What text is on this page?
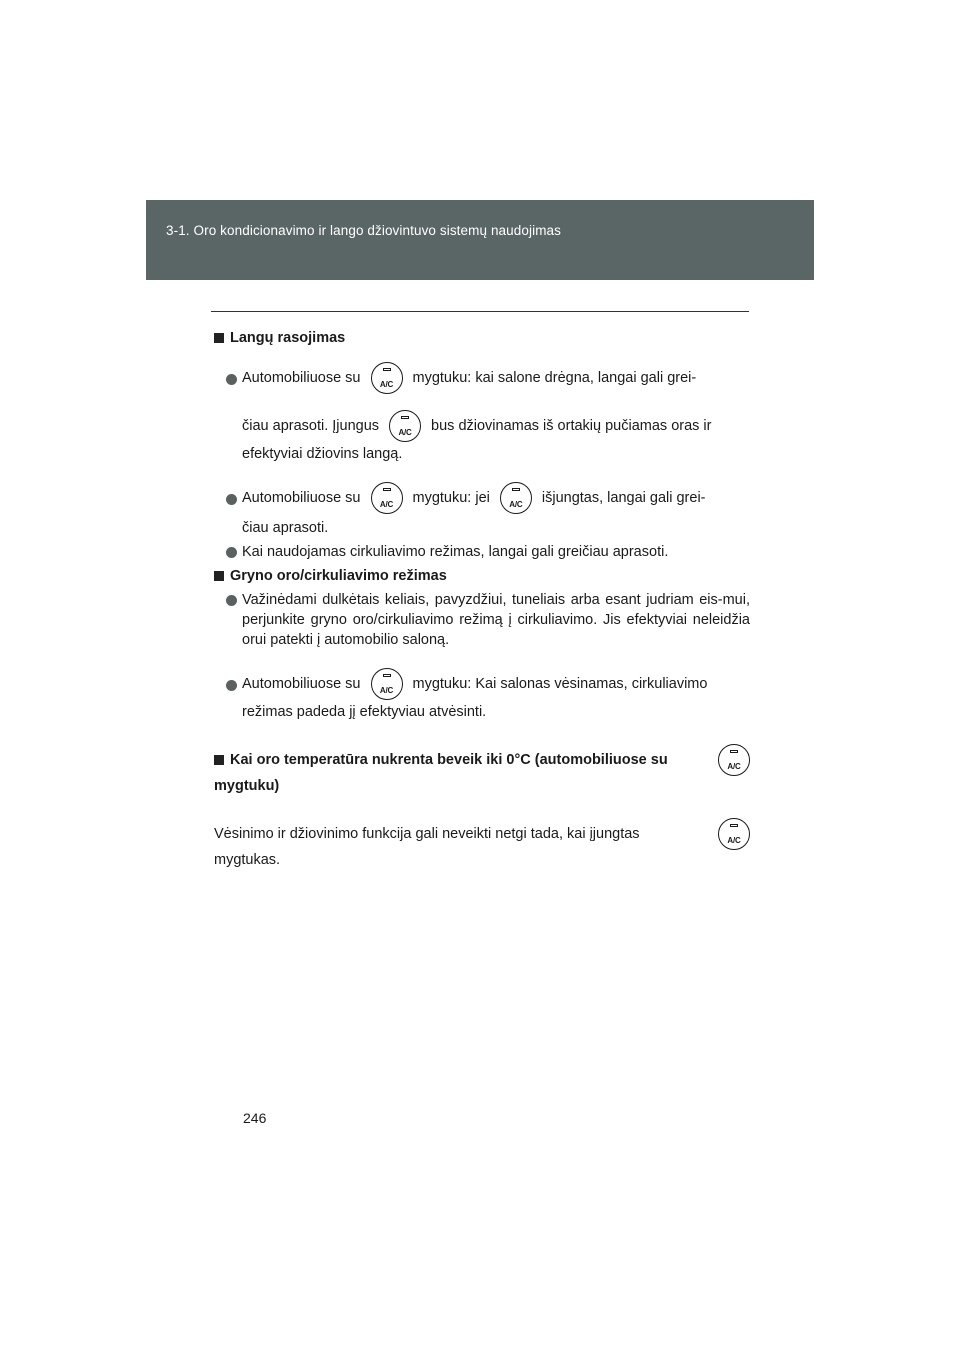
3-1. Oro kondicionavimo ir lango džiovintuvo sistemų naudojimas
Langų rasojimas
Automobiliuose su	A/C	mygtuku: kai salone drėgna, langai gali grei-
čiau aprasoti. Įjungus	A/C	bus džiovinamas iš ortakių pučiamas oras ir
efektyviai džiovins langą.
Automobiliuose su	A/C	mygtuku: jei	A/C	išjungtas, langai gali grei-
čiau aprasoti.
Kai naudojamas cirkuliavimo režimas, langai gali greičiau aprasoti.
Gryno oro/cirkuliavimo režimas
Važinėdami dulkėtais keliais, pavyzdžiui, tuneliais arba esant judriam eis-mui, perjunkite gryno oro/cirkuliavimo režimą į cirkuliavimo. Jis efektyviai neleidžia orui patekti į automobilio saloną.
Automobiliuose su	A/C	mygtuku: Kai salonas vėsinamas, cirkuliavimo
režimas padeda jį efektyviau atvėsinti.
Kai oro temperatūra nukrenta beveik iki 0°C (automobiliuose su	A/C
mygtuku)
Vėsinimo ir džiovinimo funkcija gali neveikti netgi tada, kai įjungtas	A/C
mygtukas.
246
